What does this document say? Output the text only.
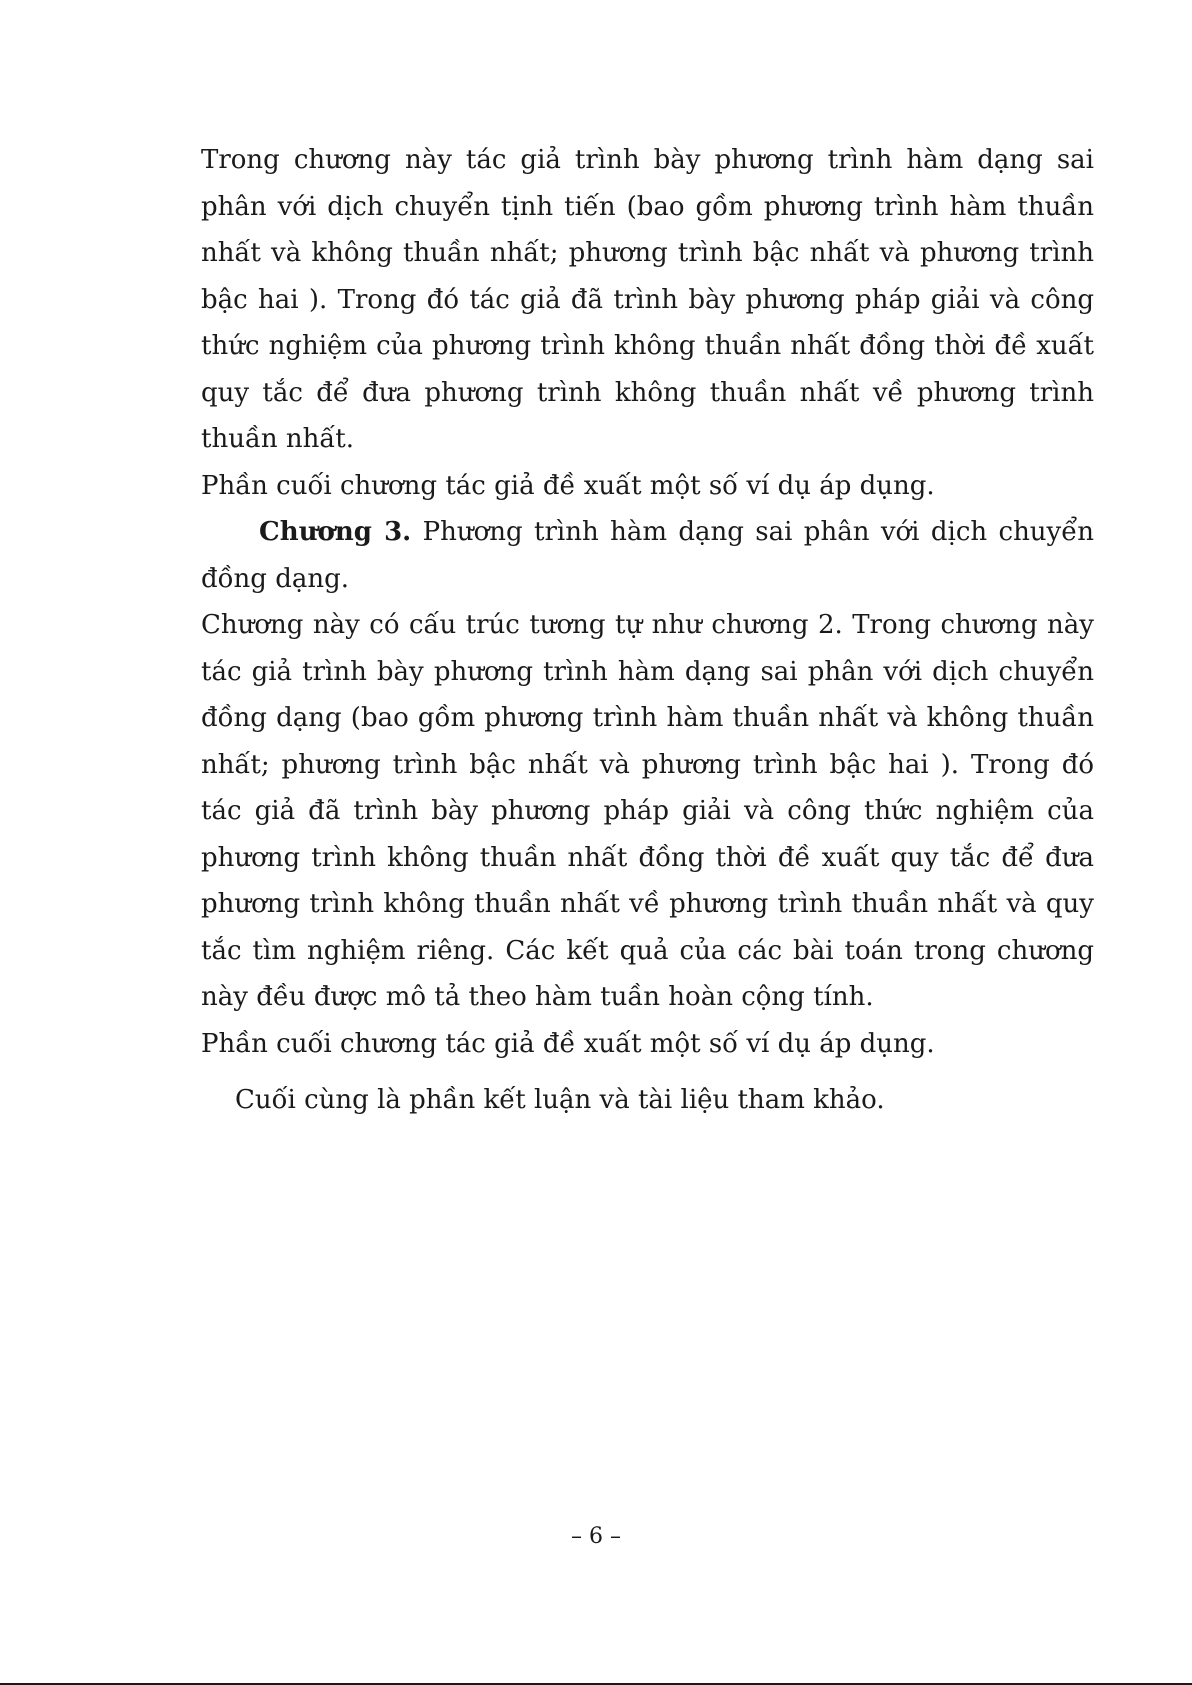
Trong chương này tác giả trình bày phương trình hàm dạng sai phân với dịch chuyển tịnh tiến (bao gồm phương trình hàm thuần nhất và không thuần nhất; phương trình bậc nhất và phương trình bậc hai ). Trong đó tác giả đã trình bày phương pháp giải và công thức nghiệm của phương trình không thuần nhất đồng thời đề xuất quy tắc để đưa phương trình không thuần nhất về phương trình thuần nhất.

Phần cuối chương tác giả đề xuất một số ví dụ áp dụng.

Chương 3. Phương trình hàm dạng sai phân với dịch chuyển đồng dạng.

Chương này có cấu trúc tương tự như chương 2. Trong chương này tác giả trình bày phương trình hàm dạng sai phân với dịch chuyển đồng dạng (bao gồm phương trình hàm thuần nhất và không thuần nhất; phương trình bậc nhất và phương trình bậc hai ). Trong đó tác giả đã trình bày phương pháp giải và công thức nghiệm của phương trình không thuần nhất đồng thời đề xuất quy tắc để đưa phương trình không thuần nhất về phương trình thuần nhất và quy tắc tìm nghiệm riêng. Các kết quả của các bài toán trong chương này đều được mô tả theo hàm tuần hoàn cộng tính.

Phần cuối chương tác giả đề xuất một số ví dụ áp dụng.

Cuối cùng là phần kết luận và tài liệu tham khảo.

– 6 –
